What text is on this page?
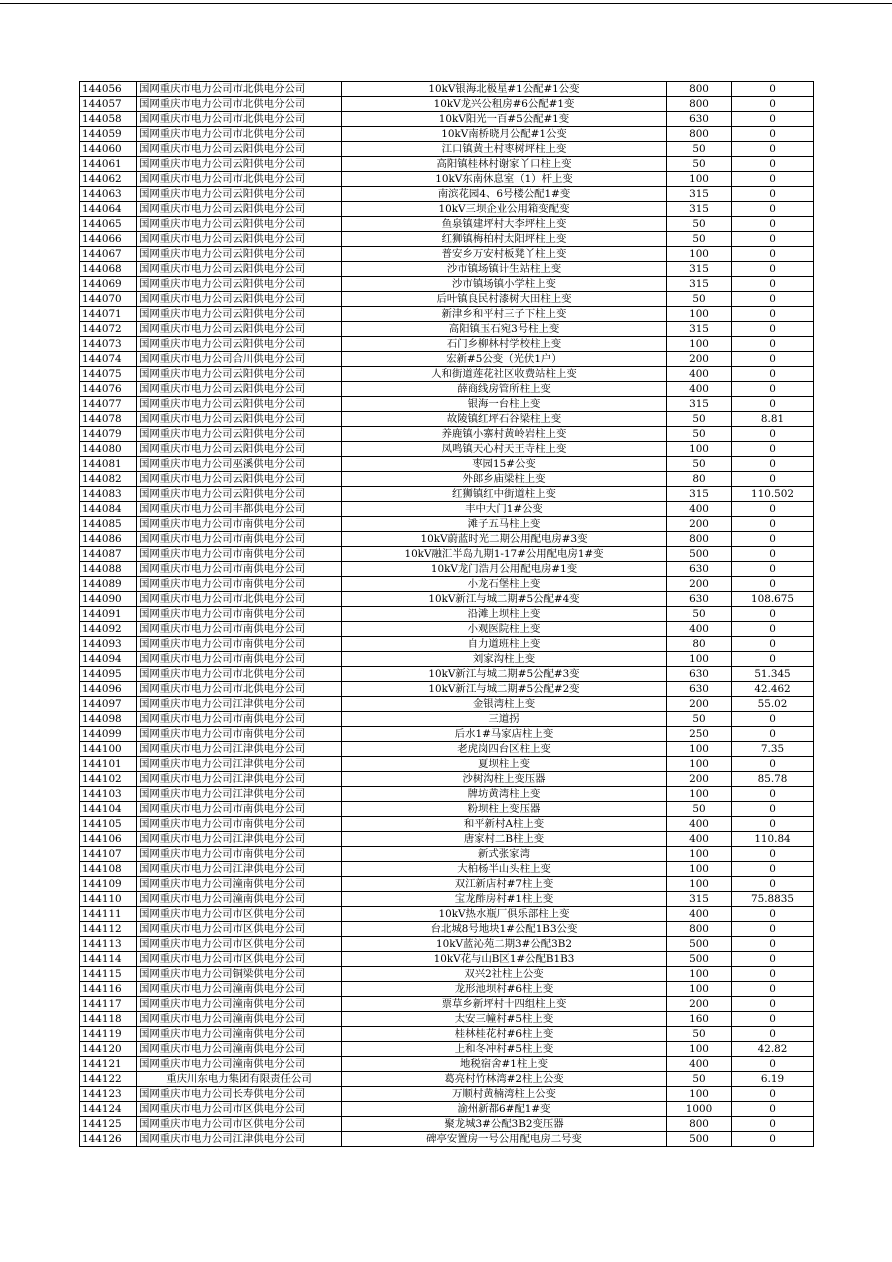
144056	国网重庆市电力公司市北供电分公司	10kV银海北极星#1公配#1公变	800	0
144057	国网重庆市电力公司市北供电分公司	10kV龙兴公租房#6公配#1变	800	0
144058	国网重庆市电力公司市北供电分公司	10kV阳光一百#5公配#1变	630	0
144059	国网重庆市电力公司市北供电分公司	10kV南桥晓月公配#1公变	800	0
144060	国网重庆市电力公司云阳供电分公司	江口镇黄土村枣树坪柱上变	50	0
144061	国网重庆市电力公司云阳供电分公司	高阳镇桂林村谢家丫口柱上变	50	0
144062	国网重庆市电力公司市北供电分公司	10kV东南休息室（1）杆上变	100	0
144063	国网重庆市电力公司云阳供电分公司	南滨花园4、6号楼公配1#变	315	0
144064	国网重庆市电力公司云阳供电分公司	10kV三坝企业公用箱变配变	315	0
144065	国网重庆市电力公司云阳供电分公司	鱼泉镇建坪村大李坪柱上变	50	0
144066	国网重庆市电力公司云阳供电分公司	红狮镇梅柏村太阳坪柱上变	50	0
144067	国网重庆市电力公司云阳供电分公司	普安乡万安村板凳丫柱上变	100	0
144068	国网重庆市电力公司云阳供电分公司	沙市镇场镇计生站柱上变	315	0
144069	国网重庆市电力公司云阳供电分公司	沙市镇场镇小学柱上变	315	0
144070	国网重庆市电力公司云阳供电分公司	后叶镇良民村漆树大田柱上变	50	0
144071	国网重庆市电力公司云阳供电分公司	新津乡和平村三子下柱上变	100	0
144072	国网重庆市电力公司云阳供电分公司	高阳镇玉石宛3号柱上变	315	0
144073	国网重庆市电力公司云阳供电分公司	石门乡柳林村学校柱上变	100	0
144074	国网重庆市电力公司合川供电分公司	宏新#5公变（光伏1户）	200	0
144075	国网重庆市电力公司云阳供电分公司	人和街道莲花社区收费站柱上变	400	0
144076	国网重庆市电力公司云阳供电分公司	薛商线房管所柱上变	400	0
144077	国网重庆市电力公司云阳供电分公司	银海一台柱上变	315	0
144078	国网重庆市电力公司云阳供电分公司	故陵镇红坪石谷梁柱上变	50	8.81
144079	国网重庆市电力公司云阳供电分公司	养鹿镇小寨村黄岭岩柱上变	50	0
144080	国网重庆市电力公司云阳供电分公司	凤鸣镇天心村天王寺柱上变	100	0
144081	国网重庆市电力公司巫溪供电分公司	枣园15#公变	50	0
144082	国网重庆市电力公司云阳供电分公司	外郎乡庙梁柱上变	80	0
144083	国网重庆市电力公司云阳供电分公司	红狮镇红中街道柱上变	315	110.502
144084	国网重庆市电力公司丰都供电分公司	丰中大门1#公变	400	0
144085	国网重庆市电力公司市南供电分公司	滩子五马柱上变	200	0
144086	国网重庆市电力公司市南供电分公司	10kV蔚蓝时光二期公用配电房#3变	800	0
144087	国网重庆市电力公司市南供电分公司	10kV融汇半岛九期1-17#公用配电房1#变	500	0
144088	国网重庆市电力公司市南供电分公司	10kV龙门浩月公用配电房#1变	630	0
144089	国网重庆市电力公司市南供电分公司	小龙石堡柱上变	200	0
144090	国网重庆市电力公司市北供电分公司	10kV新江与城二期#5公配#4变	630	108.675
144091	国网重庆市电力公司市南供电分公司	沿滩上坝柱上变	50	0
144092	国网重庆市电力公司市南供电分公司	小观医院柱上变	400	0
144093	国网重庆市电力公司市南供电分公司	自力道班柱上变	80	0
144094	国网重庆市电力公司市南供电分公司	刘家沟柱上变	100	0
144095	国网重庆市电力公司市北供电分公司	10kV新江与城二期#5公配#3变	630	51.345
144096	国网重庆市电力公司市北供电分公司	10kV新江与城二期#5公配#2变	630	42.462
144097	国网重庆市电力公司江津供电分公司	金银湾柱上变	200	55.02
144098	国网重庆市电力公司市南供电分公司	三道拐	50	0
144099	国网重庆市电力公司市南供电分公司	后水1#马家店柱上变	250	0
144100	国网重庆市电力公司江津供电分公司	老虎岗四台区柱上变	100	7.35
144101	国网重庆市电力公司江津供电分公司	夏坝柱上变	100	0
144102	国网重庆市电力公司江津供电分公司	沙树沟柱上变压器	200	85.78
144103	国网重庆市电力公司江津供电分公司	牌坊黄湾柱上变	100	0
144104	国网重庆市电力公司市南供电分公司	粉坝柱上变压器	50	0
144105	国网重庆市电力公司市南供电分公司	和平新村A柱上变	400	0
144106	国网重庆市电力公司江津供电分公司	唐家村二B柱上变	400	110.84
144107	国网重庆市电力公司市南供电分公司	新式张家湾	100	0
144108	国网重庆市电力公司江津供电分公司	大柏杨半山头柱上变	100	0
144109	国网重庆市电力公司潼南供电分公司	双江新店村#7柱上变	100	0
144110	国网重庆市电力公司潼南供电分公司	宝龙酢房村#1柱上变	315	75.8835
144111	国网重庆市电力公司市区供电分公司	10kV热水瓶厂俱乐部柱上变	400	0
144112	国网重庆市电力公司市区供电分公司	台北城8号地块1#公配1B3公变	800	0
144113	国网重庆市电力公司市区供电分公司	10kV蓝沁苑二期3#公配3B2	500	0
144114	国网重庆市电力公司市区供电分公司	10kV花与山B区1#公配B1B3	500	0
144115	国网重庆市电力公司铜梁供电分公司	双兴2社柱上公变	100	0
144116	国网重庆市电力公司潼南供电分公司	龙形池坝村#6柱上变	100	0
144117	国网重庆市电力公司潼南供电分公司	票草乡新坪村十四组柱上变	200	0
144118	国网重庆市电力公司潼南供电分公司	太安三幢村#5柱上变	160	0
144119	国网重庆市电力公司潼南供电分公司	桂林桂花村#6柱上变	50	0
144120	国网重庆市电力公司潼南供电分公司	上和冬冲村#5柱上变	100	42.82
144121	国网重庆市电力公司潼南供电分公司	地税宿舍#1柱上变	400	0
144122	重庆川东电力集团有限责任公司	葛亮村竹林湾#2柱上公变	50	6.19
144123	国网重庆市电力公司长寿供电分公司	万顺村黄楠湾柱上公变	100	0
144124	国网重庆市电力公司市区供电分公司	渝州新都6#配1#变	1000	0
144125	国网重庆市电力公司市区供电分公司	聚龙城3#公配3B2变压器	800	0
144126	国网重庆市电力公司江津供电分公司	碑亭安置房一号公用配电房二号变	500	0
